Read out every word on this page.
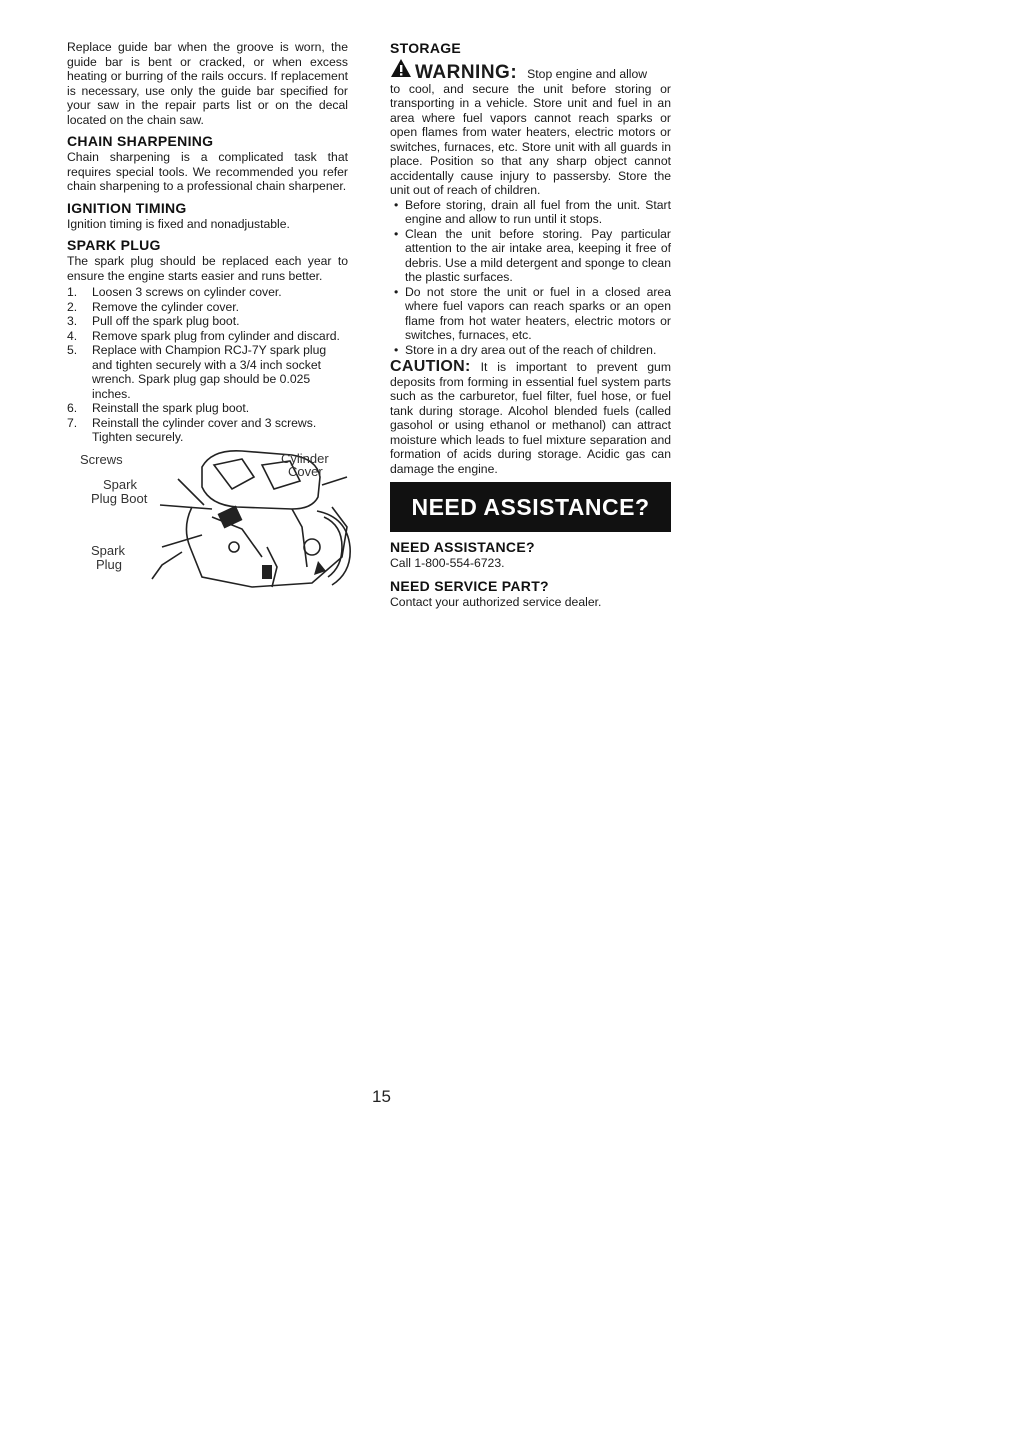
Replace guide bar when the groove is worn, the guide bar is bent or cracked, or when excess heating or burring of the rails occurs. If replacement is necessary, use only the guide bar specified for your saw in the repair parts list or on the decal located on the chain saw.

CHAIN SHARPENING

Chain sharpening is a complicated task that requires special tools. We recommended you refer chain sharpening to a professional chain sharpener.

IGNITION TIMING

Ignition timing is fixed and nonadjustable.

SPARK PLUG

The spark plug should be replaced each year to ensure the engine starts easier and runs better.

1. Loosen 3 screws on cylinder cover.
2. Remove the cylinder cover.
3. Pull off the spark plug boot.
4. Remove spark plug from cylinder and discard.
5. Replace with Champion RCJ-7Y spark plug and tighten securely with a 3/4 inch socket wrench. Spark plug gap should be 0.025 inches.
6. Reinstall the spark plug boot.
7. Reinstall the cylinder cover and 3 screws. Tighten securely.
Screws	Cylinder
Cover
Spark
Plug Boot
Spark
Plug
STORAGE
WARNING: Stop engine and allow

to cool, and secure the unit before storing or transporting in a vehicle. Store unit and fuel in an area where fuel vapors cannot reach sparks or open flames from water heaters, electric motors or switches, furnaces, etc. Store unit with all guards in place. Position so that any sharp object cannot accidentally cause injury to passersby. Store the unit out of reach of children.

• Before storing, drain all fuel from the unit. Start engine and allow to run until it stops.
• Clean the unit before storing. Pay particular attention to the air intake area, keeping it free of debris. Use a mild detergent and sponge to clean the plastic surfaces.
• Do not store the unit or fuel in a closed area where fuel vapors can reach sparks or an open flame from hot water heaters, electric motors or switches, furnaces, etc.
• Store in a dry area out of the reach of children.

CAUTION: It is important to prevent gum deposits from forming in essential fuel system parts such as the carburetor, fuel filter, fuel hose, or fuel tank during storage. Alcohol blended fuels (called gasohol or using ethanol or methanol) can attract moisture which leads to fuel mixture separation and formation of acids during storage. Acidic gas can damage the engine.

NEED ASSISTANCE?
NEED ASSISTANCE?

Call 1-800-554-6723.

NEED SERVICE PART?

Contact your authorized service dealer.

15
